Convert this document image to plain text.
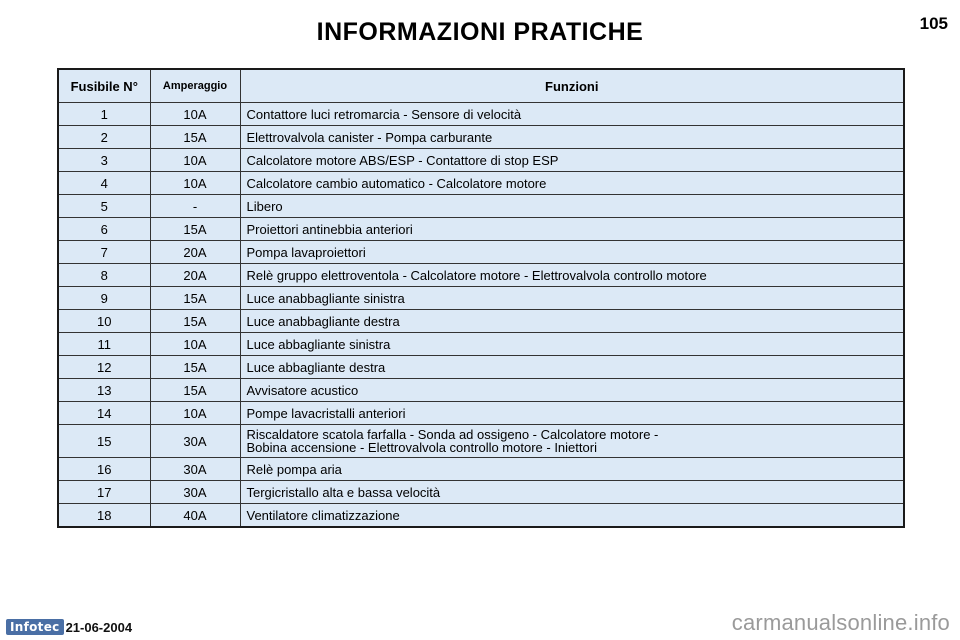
INFORMAZIONI PRATICHE	105
Fusibile N°	Amperaggio	Funzioni
1	10A	Contattore luci retromarcia - Sensore di velocità

2	15A	Elettrovalvola canister - Pompa carburante

3	10A	Calcolatore motore ABS/ESP - Contattore di stop ESP

4	10A	Calcolatore cambio automatico - Calcolatore motore

5	-	Libero

6	15A	Proiettori antinebbia anteriori

7	20A	Pompa lavaproiettori

8	20A	Relè gruppo elettroventola - Calcolatore motore - Elettrovalvola controllo motore

9	15A	Luce anabbagliante sinistra

10	15A	Luce anabbagliante destra

11	10A	Luce abbagliante sinistra

12	15A	Luce abbagliante destra

13	15A	Avvisatore acustico

14	10A	Pompe lavacristalli anteriori

15	30A	Riscaldatore scatola farfalla - Sonda ad ossigeno - Calcolatore motore -
Bobina accensione - Elettrovalvola controllo motore - Iniettori

16	30A	Relè pompa aria

17	30A	Tergicristallo alta e bassa velocità

18	40A	Ventilatore climatizzazione
Infotec 21-06-2004	carmanualsonline.info
